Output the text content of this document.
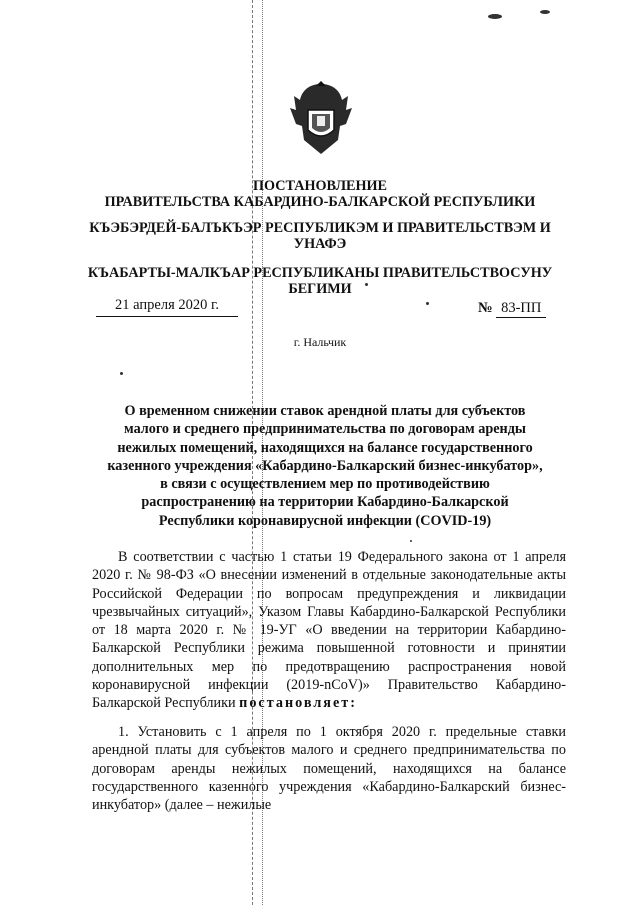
ПОСТАНОВЛЕНИЕ
ПРАВИТЕЛЬСТВА КАБАРДИНО-БАЛКАРСКОЙ РЕСПУБЛИКИ
КЪЭБЭРДЕЙ-БАЛЪКЪЭР РЕСПУБЛИКЭМ И ПРАВИТЕЛЬСТВЭМ И
УНАФЭ
КЪАБАРТЫ-МАЛКЪАР РЕСПУБЛИКАНЫ ПРАВИТЕЛЬСТВОСУНУ
БЕГИМИ
21 апреля 2020 г.	№ 83-ПП
г. Нальчик
О временном снижении ставок арендной платы для субъектов
малого и среднего предпринимательства по договорам аренды
нежилых помещений, находящихся на балансе государственного
казенного учреждения «Кабардино-Балкарский бизнес-инкубатор»,
в связи с осуществлением мер по противодействию
распространению на территории Кабардино-Балкарской
Республики коронавирусной инфекции (COVID-19)

В соответствии с частью 1 статьи 19 Федерального закона от 1 апреля 2020 г. № 98-ФЗ «О внесении изменений в отдельные законодательные акты Российской Федерации по вопросам предупреждения и ликвидации чрезвычайных ситуаций», Указом Главы Кабардино-Балкарской Республики от 18 марта 2020 г. № 19-УГ «О введении на территории Кабардино-Балкарской Республики режима повышенной готовности и принятии дополнительных мер по предотвращению распространения новой коронавирусной инфекции (2019-nCoV)» Правительство Кабардино-Балкарской Республики постановляет:

1. Установить с 1 апреля по 1 октября 2020 г. предельные ставки арендной платы для субъектов малого и среднего предпринимательства по договорам аренды нежилых помещений, находящихся на балансе государственного казенного учреждения «Кабардино-Балкарский бизнес-инкубатор» (далее – нежилые
